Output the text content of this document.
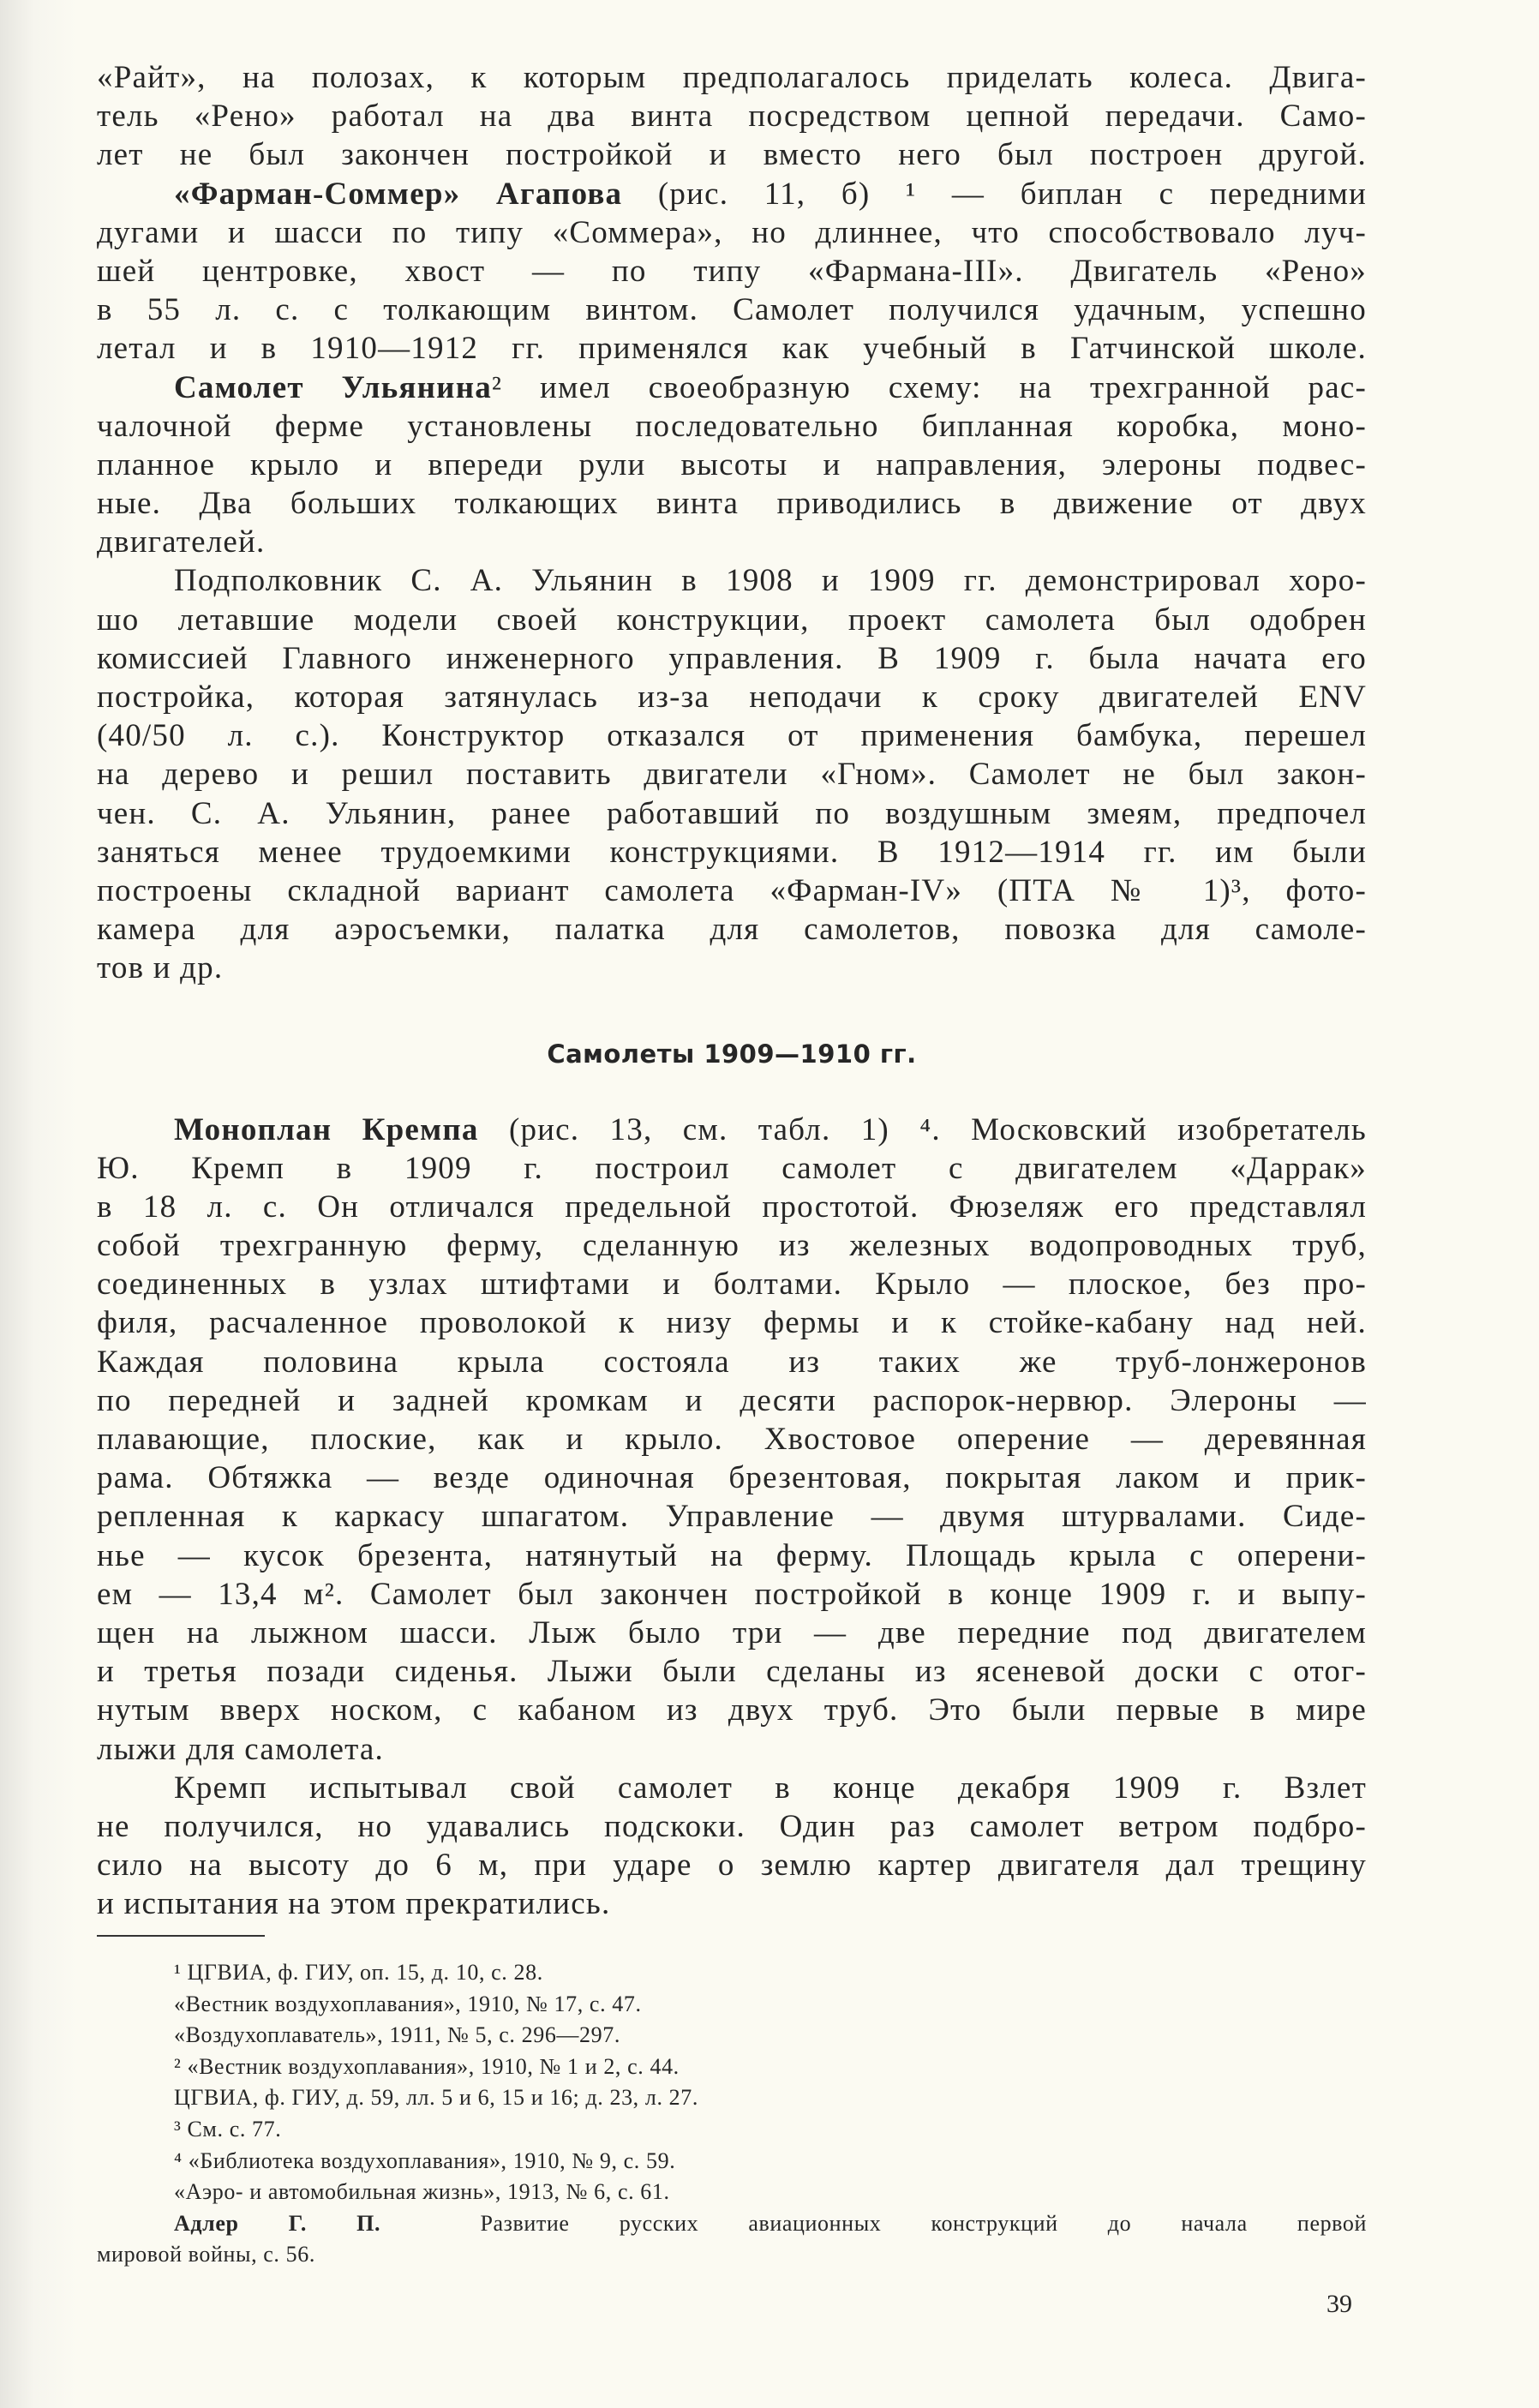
«Райт», на полозах, к которым предполагалось приделать колеса. Двига-
тель «Рено» работал на два винта посредством цепной передачи. Само-
лет не был закончен постройкой и вместо него был построен другой.
«Фарман-Соммер» Агапова (рис. 11, б) ¹ — биплан с передними
дугами и шасси по типу «Соммера», но длиннее, что способствовало луч-
шей центровке, хвост — по типу «Фармана-III». Двигатель «Рено»
в 55 л. с. с толкающим винтом. Самолет получился удачным, успешно
летал и в 1910—1912 гг. применялся как учебный в Гатчинской школе.
Самолет Ульянина² имел своеобразную схему: на трехгранной рас-
чалочной ферме установлены последовательно бипланная коробка, моно-
планное крыло и впереди рули высоты и направления, элероны подвес-
ные. Два больших толкающих винта приводились в движение от двух
двигателей.
Подполковник С. А. Ульянин в 1908 и 1909 гг. демонстрировал хоро-
шо летавшие модели своей конструкции, проект самолета был одобрен
комиссией Главного инженерного управления. В 1909 г. была начата его
постройка, которая затянулась из-за неподачи к сроку двигателей ENV
(40/50 л. с.). Конструктор отказался от применения бамбука, перешел
на дерево и решил поставить двигатели «Гном». Самолет не был закон-
чен. С. А. Ульянин, ранее работавший по воздушным змеям, предпочел
заняться менее трудоемкими конструкциями. В 1912—1914 гг. им были
построены складной вариант самолета «Фарман-IV» (ПТА № 1)³, фото-
камера для аэросъемки, палатка для самолетов, повозка для самоле-
тов и др.
Самолеты 1909—1910 гг.
Моноплан Кремпа (рис. 13, см. табл. 1) ⁴. Московский изобретатель
Ю. Кремп в 1909 г. построил самолет с двигателем «Даррак»
в 18 л. с. Он отличался предельной простотой. Фюзеляж его представлял
собой трехгранную ферму, сделанную из железных водопроводных труб,
соединенных в узлах штифтами и болтами. Крыло — плоское, без про-
филя, расчаленное проволокой к низу фермы и к стойке-кабану над ней.
Каждая половина крыла состояла из таких же труб-лонжеронов
по передней и задней кромкам и десяти распорок-нервюр. Элероны —
плавающие, плоские, как и крыло. Хвостовое оперение — деревянная
рама. Обтяжка — везде одиночная брезентовая, покрытая лаком и прик-
репленная к каркасу шпагатом. Управление — двумя штурвалами. Сиде-
нье — кусок брезента, натянутый на ферму. Площадь крыла с оперени-
ем — 13,4 м². Самолет был закончен постройкой в конце 1909 г. и выпу-
щен на лыжном шасси. Лыж было три — две передние под двигателем
и третья позади сиденья. Лыжи были сделаны из ясеневой доски с отог-
нутым вверх носком, с кабаном из двух труб. Это были первые в мире
лыжи для самолета.
Кремп испытывал свой самолет в конце декабря 1909 г. Взлет
не получился, но удавались подскоки. Один раз самолет ветром подбро-
сило на высоту до 6 м, при ударе о землю картер двигателя дал трещину
и испытания на этом прекратились.
¹ ЦГВИА, ф. ГИУ, оп. 15, д. 10, с. 28.
«Вестник воздухоплавания», 1910, № 17, с. 47.
«Воздухоплаватель», 1911, № 5, с. 296—297.
² «Вестник воздухоплавания», 1910, № 1 и 2, с. 44.
ЦГВИА, ф. ГИУ, д. 59, лл. 5 и 6, 15 и 16; д. 23, л. 27.
³ См. с. 77.
⁴ «Библиотека воздухоплавания», 1910, № 9, с. 59.
«Аэро- и автомобильная жизнь», 1913, № 6, с. 61.
Адлер Г. П.  Развитие русских авиационных конструкций до начала первой
мировой войны, с. 56.
39
